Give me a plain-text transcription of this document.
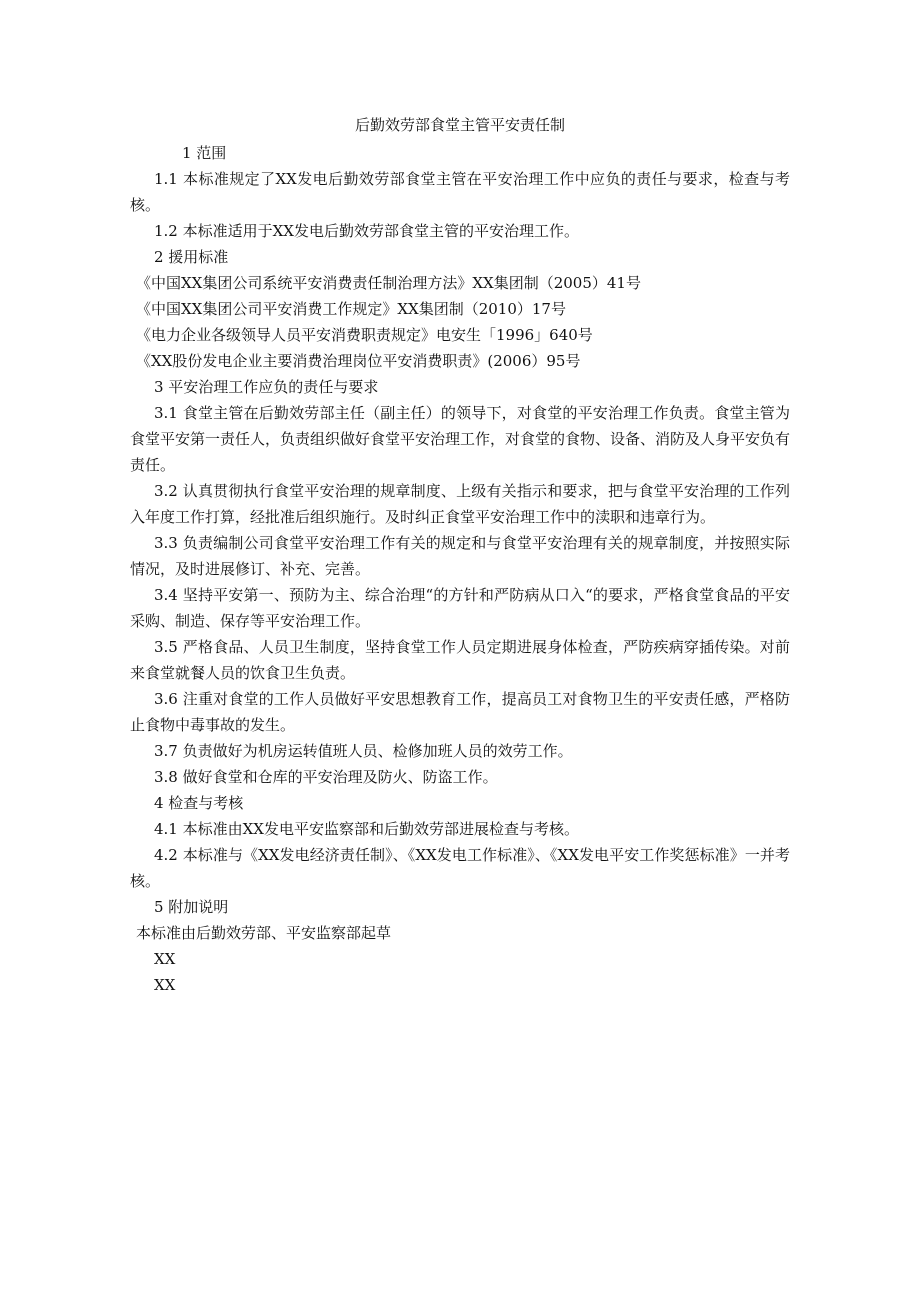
后勤效劳部食堂主管平安责任制

1 范围

1.1 本标准规定了XX发电后勤效劳部食堂主管在平安治理工作中应负的责任与要求，检查与考核。

1.2 本标准适用于XX发电后勤效劳部食堂主管的平安治理工作。

2 援用标准

《中国XX集团公司系统平安消费责任制治理方法》XX集团制（2005）41号

《中国XX集团公司平安消费工作规定》XX集团制（2010）17号

《电力企业各级领导人员平安消费职责规定》电安生「1996」640号

《XX股份发电企业主要消费治理岗位平安消费职责》(2006）95号

3 平安治理工作应负的责任与要求

3.1 食堂主管在后勤效劳部主任（副主任）的领导下，对食堂的平安治理工作负责。食堂主管为食堂平安第一责任人，负责组织做好食堂平安治理工作，对食堂的食物、设备、消防及人身平安负有责任。

3.2 认真贯彻执行食堂平安治理的规章制度、上级有关指示和要求，把与食堂平安治理的工作列入年度工作打算，经批准后组织施行。及时纠正食堂平安治理工作中的渎职和违章行为。

3.3 负责编制公司食堂平安治理工作有关的规定和与食堂平安治理有关的规章制度，并按照实际情况，及时进展修订、补充、完善。

3.4 坚持平安第一、预防为主、综合治理“的方针和严防病从口入“的要求，严格食堂食品的平安采购、制造、保存等平安治理工作。

3.5 严格食品、人员卫生制度，坚持食堂工作人员定期进展身体检查，严防疾病穿插传染。对前来食堂就餐人员的饮食卫生负责。

3.6 注重对食堂的工作人员做好平安思想教育工作，提高员工对食物卫生的平安责任感，严格防止食物中毒事故的发生。

3.7 负责做好为机房运转值班人员、检修加班人员的效劳工作。

3.8 做好食堂和仓库的平安治理及防火、防盗工作。

4 检查与考核

4.1 本标准由XX发电平安监察部和后勤效劳部进展检查与考核。

4.2 本标准与《XX发电经济责任制》、《XX发电工作标准》、《XX发电平安工作奖惩标准》一并考核。

5 附加说明

本标准由后勤效劳部、平安监察部起草

XX

XX
